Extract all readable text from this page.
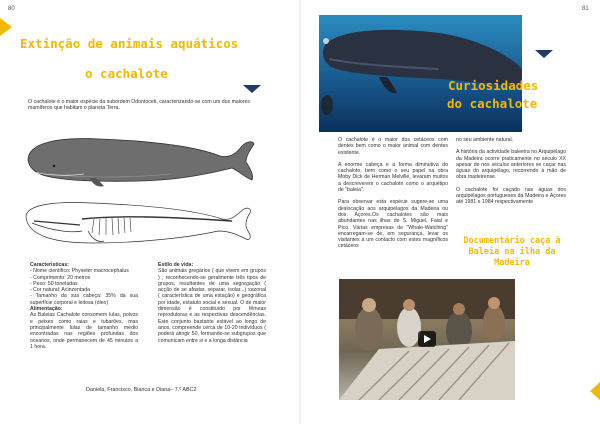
80
Extinção de animais aquáticos
o cachalote
O cachalote é o maior espécie da subordem Odontoceti, caracterizando-se com um dos maiores mamíferos que habitam o planeta Terra.
Características:
- Nome científico: Physeter macrocephalus
- Comprimento: 20 metros
- Peso: 50 toneladas
- Cor natural: Acinzentada
- Tamanho da sua cabeça: 35% da sua superfície corporal e leitosa (óleo)
Alimentação:
As Baleias Cachalote consomem lulas, polvos e peixes como raias e tubarões, mas principalmente lulas de tamanho médio encontradas nas regiões profundas dos oceanos, onde permanecem de 45 minutos a 1 hora.
Estilo de vida:
São animais gregários ( que vivem em grupos ) , reconhecendo-se geralmente três tipos de grupos, resultantes de uma segregação ( acção de se afastar, separar, isolar...) sazonal ( característica de uma estação) e geográfica por idade, estatuto social e sexual. O de maior dimensão é constituído por fêmeas reprodutoras e as respectivas descendências. Este conjunto bastante estável ao longo de anos, compreende cerca de 10-20 indivíduos ( poderá atingir 50, formando-se subgrupos que comunicam entre si e a longa distância
Daniela, Francisco, Bianca e Diana– 7.º ABC2
81
Curiosidades
do cachalote
O cachalote é o maior dos cetáceos com dentes bem como o maior animal com dentes existente.
A enorme cabeça e a forma diminutiva do cachalote, bem como o seu papel na obra Moby Dick de Herman Melville, levaram muitos a descreverem o cachalote como o arquétipo de "baleia".
Para observar esta espécie sugere-se uma deslocação aos arquipélagos da Madeira ou dos Açores.Os cachalotes são mais abundantes nas ilhas de S. Miguel, Faial e Pico. Várias empresas de "Whale-Watching" encarregam-se de, em segurança, levar os visitantes a um contacto com estes magníficos cetáceos
no seu ambiente natural.
A história da actividade baleeira no Arquipélago da Madeira ocorre praticamente no século XX apesar de nos séculos anteriores se caçar nas águas do arquipélago, recorrendo à mão de obra madeirense.
O cachalote foi caçado nas águas dos arquipélagos portugueses da Madeira e Açores até 1981 e 1984 respectivamente
Documentário caça à Baleia na ilha da Madeira
